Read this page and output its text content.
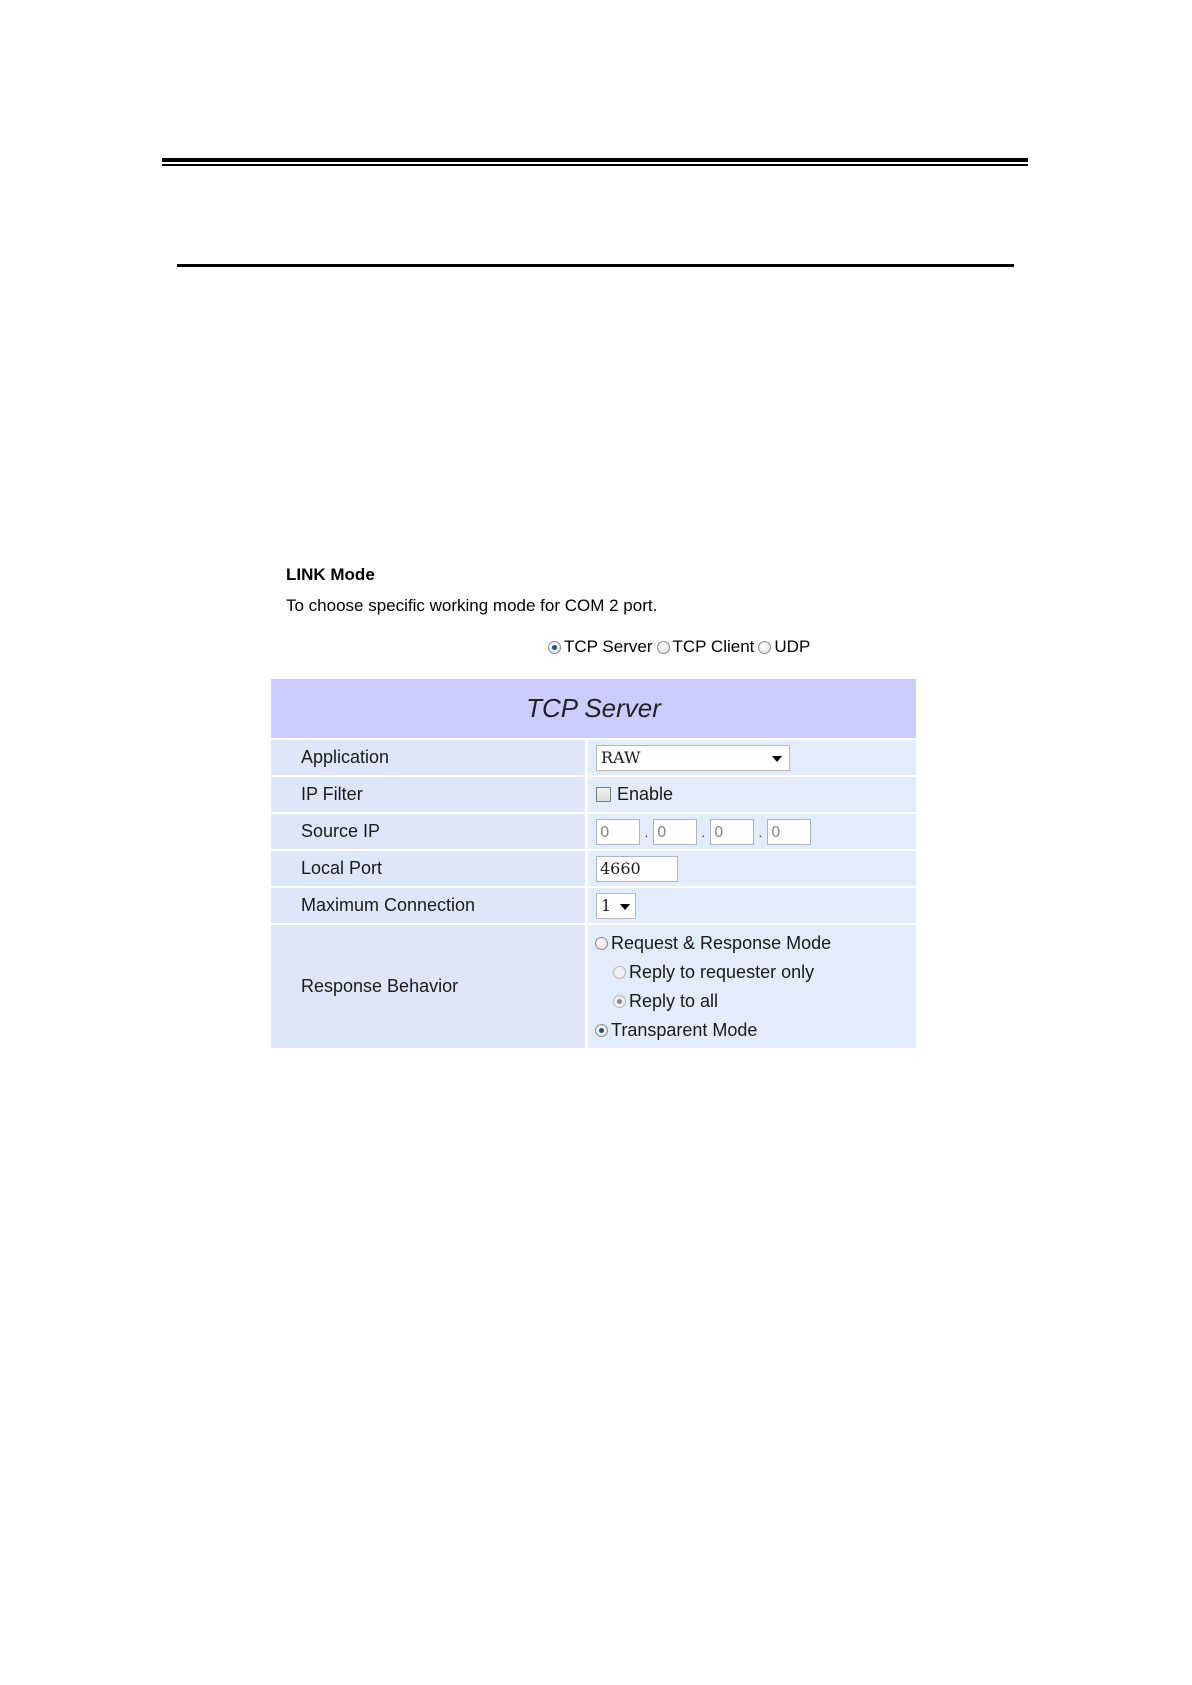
LINK Mode
To choose specific working mode for COM 2 port.
TCP Server TCP Client UDP
TCP Server
Application	RAW
IP Filter	Enable
Source IP	0	. 0	. 0	. 0
Local Port	4660
Maximum Connection	1
Response Behavior
Request & Response Mode
Reply to requester only
Reply to all
Transparent Mode
